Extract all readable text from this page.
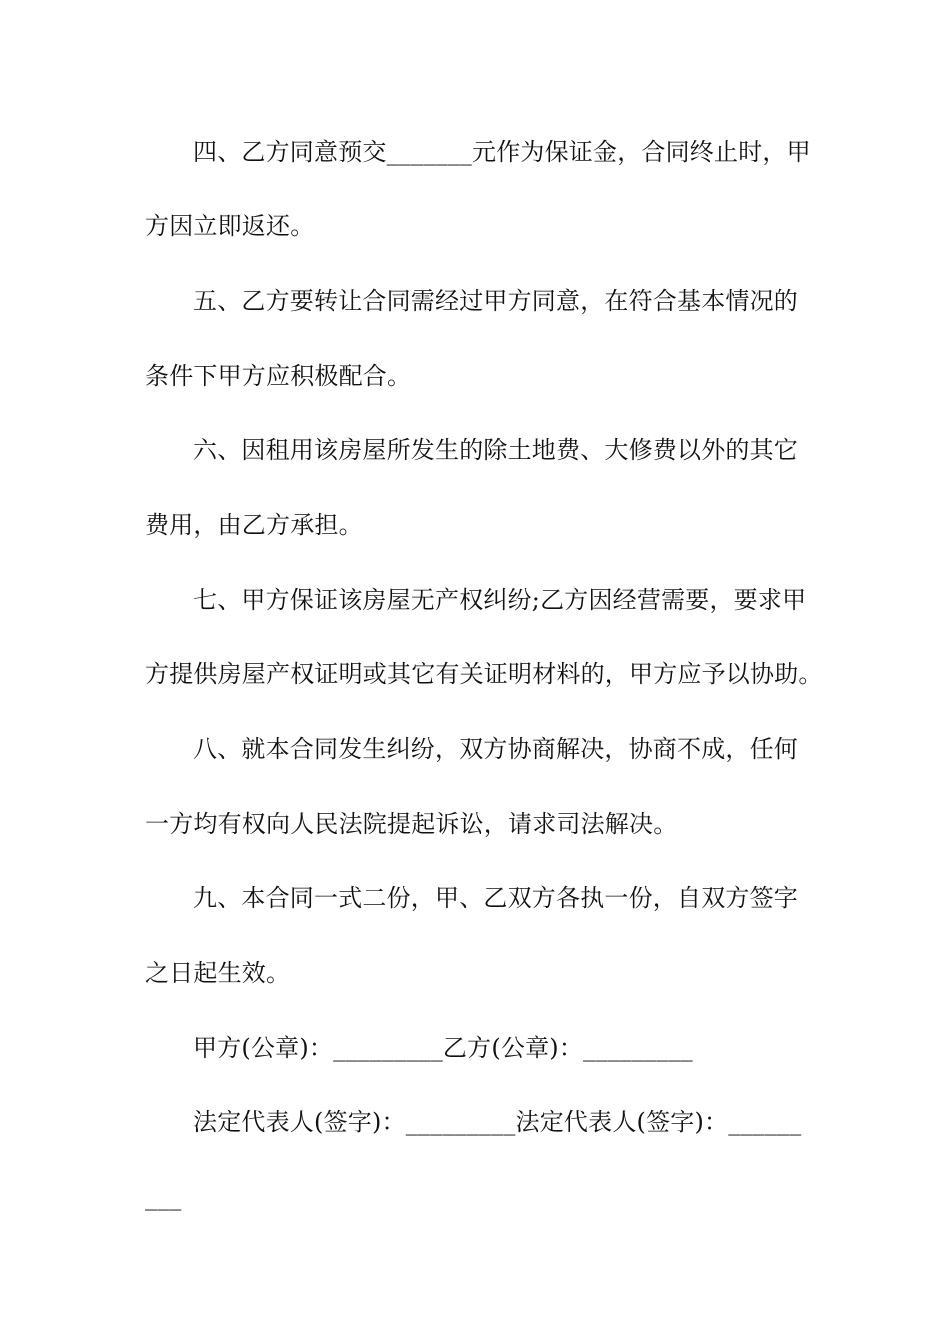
四、乙方同意预交_______元作为保证金，合同终止时，甲
方因立即返还。
五、乙方要转让合同需经过甲方同意，在符合基本情况的
条件下甲方应积极配合。
六、因租用该房屋所发生的除土地费、大修费以外的其它
费用，由乙方承担。
七、甲方保证该房屋无产权纠纷;乙方因经营需要，要求甲
方提供房屋产权证明或其它有关证明材料的，甲方应予以协助。
八、就本合同发生纠纷，双方协商解决，协商不成，任何
一方均有权向人民法院提起诉讼，请求司法解决。
九、本合同一式二份，甲、乙双方各执一份，自双方签字
之日起生效。
甲方(公章)：_________乙方(公章)：_________
法定代表人(签字)：_________法定代表人(签字)：______
___
